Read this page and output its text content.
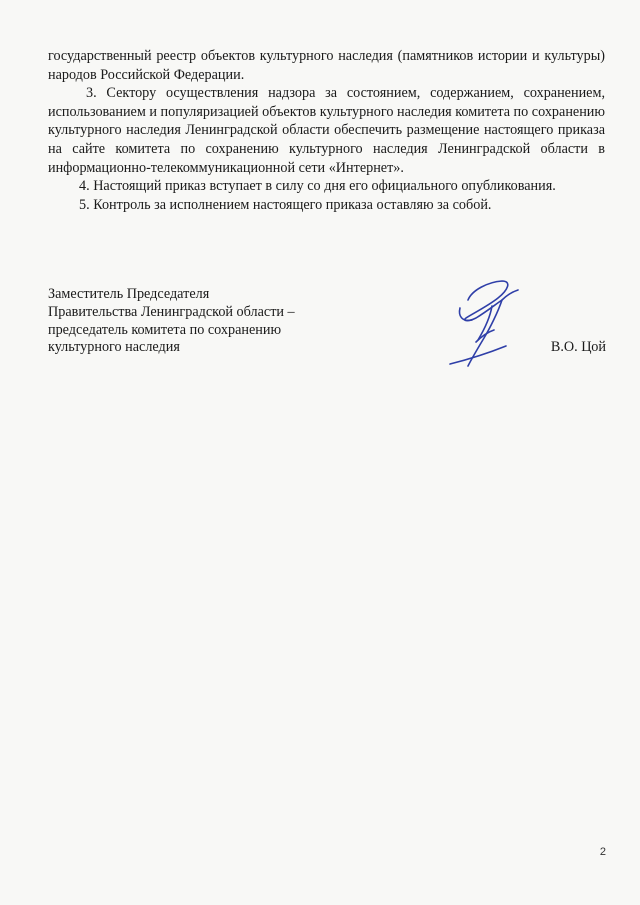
государственный реестр объектов культурного наследия (памятников истории и культуры) народов Российской Федерации.

3. Сектору осуществления надзора за состоянием, содержанием, сохранением, использованием и популяризацией объектов культурного наследия комитета по сохранению культурного наследия Ленинградской области обеспечить размещение настоящего приказа на сайте комитета по сохранению культурного наследия Ленинградской области в информационно-телекоммуникационной сети «Интернет».

4. Настоящий приказ вступает в силу со дня его официального опубликования.

5. Контроль за исполнением настоящего приказа оставляю за собой.

Заместитель Председателя
Правительства Ленинградской области –
председатель комитета по сохранению
культурного наследия	В.О. Цой
2
